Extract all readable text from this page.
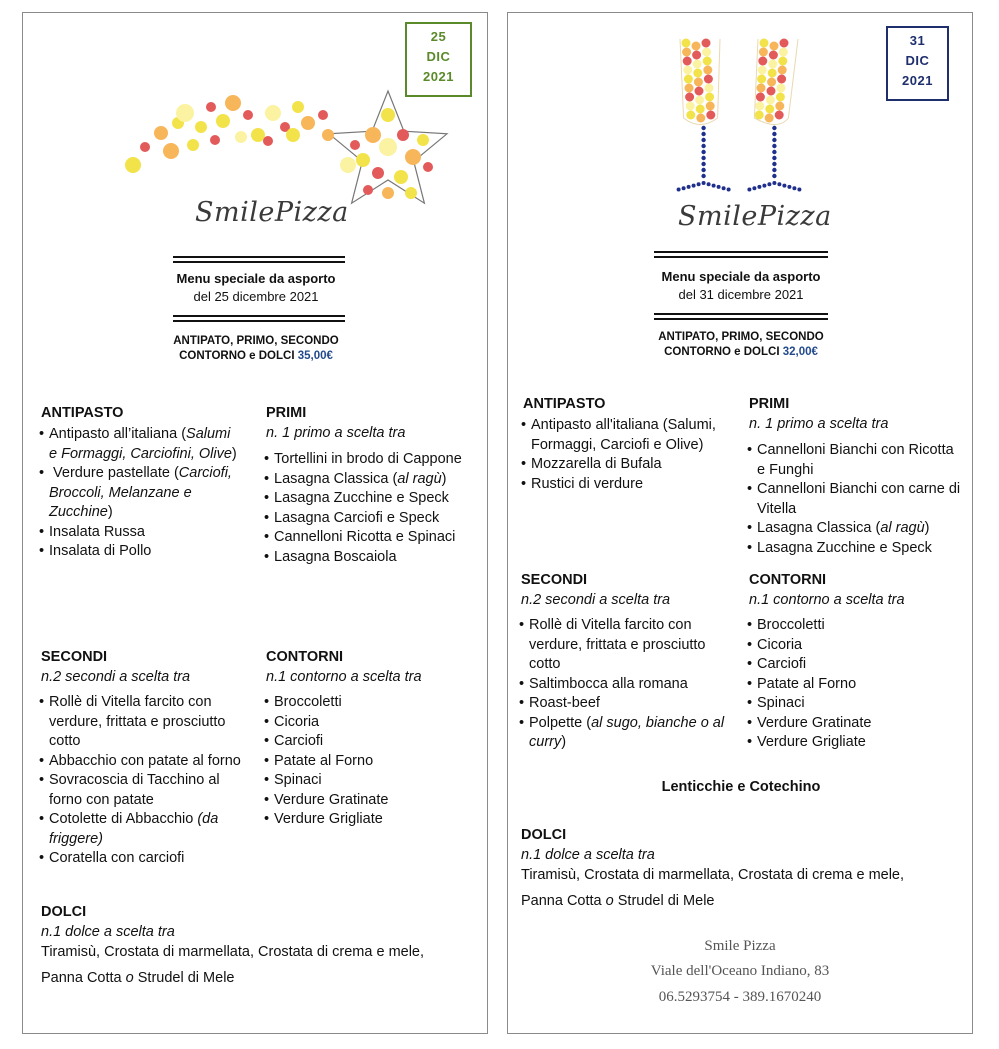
25
DIC
2021
SmilePizza
Menu speciale da asporto
del 25 dicembre 2021
ANTIPATO, PRIMO, SECONDO
CONTORNO e DOLCI 35,00€
ANTIPASTO
• Antipasto all’italiana (Salumi e Formaggi, Carciofini, Olive)
•  Verdure pastellate (Carciofi, Broccoli, Melanzane e Zucchine)
• Insalata Russa
• Insalata di Pollo
PRIMI
n. 1 primo a scelta tra
• Tortellini in brodo di Cappone
• Lasagna Classica (al ragù)
• Lasagna Zucchine e Speck
• Lasagna Carciofi e Speck
• Cannelloni Ricotta e Spinaci
• Lasagna Boscaiola
SECONDI
n.2 secondi a scelta tra
• Rollè di Vitella farcito con verdure, frittata e prosciutto cotto
• Abbacchio con patate al forno
• Sovracoscia di Tacchino al forno con patate
• Cotolette di Abbacchio (da friggere)
• Coratella con carciofi
CONTORNI
n.1 contorno a scelta tra
• Broccoletti
• Cicoria
• Carciofi
• Patate al Forno
• Spinaci
• Verdure Gratinate
• Verdure Grigliate
DOLCI
n.1 dolce a scelta tra
Tiramisù, Crostata di marmellata, Crostata di crema e mele,
Panna Cotta o Strudel di Mele
31
DIC
2021
SmilePizza
Menu speciale da asporto
del 31 dicembre 2021
ANTIPATO, PRIMO, SECONDO
CONTORNO e DOLCI 32,00€
ANTIPASTO
• Antipasto all'italiana (Salumi, Formaggi, Carciofi e Olive)
• Mozzarella di Bufala
• Rustici di verdure
PRIMI
n. 1 primo a scelta tra
• Cannelloni Bianchi con Ricotta e Funghi
• Cannelloni Bianchi con carne di Vitella
• Lasagna Classica (al ragù)
• Lasagna Zucchine e Speck
SECONDI
n.2 secondi a scelta tra
• Rollè di Vitella farcito con verdure, frittata e prosciutto cotto
• Saltimbocca alla romana
• Roast-beef
• Polpette (al sugo, bianche o al curry)
CONTORNI
n.1 contorno a scelta tra
• Broccoletti
• Cicoria
• Carciofi
• Patate al Forno
• Spinaci
• Verdure Gratinate
• Verdure Grigliate
Lenticchie e Cotechino
DOLCI
n.1 dolce a scelta tra
Tiramisù, Crostata di marmellata, Crostata di crema e mele,
Panna Cotta o Strudel di Mele
Smile Pizza
Viale dell'Oceano Indiano, 83
06.5293754 - 389.1670240
